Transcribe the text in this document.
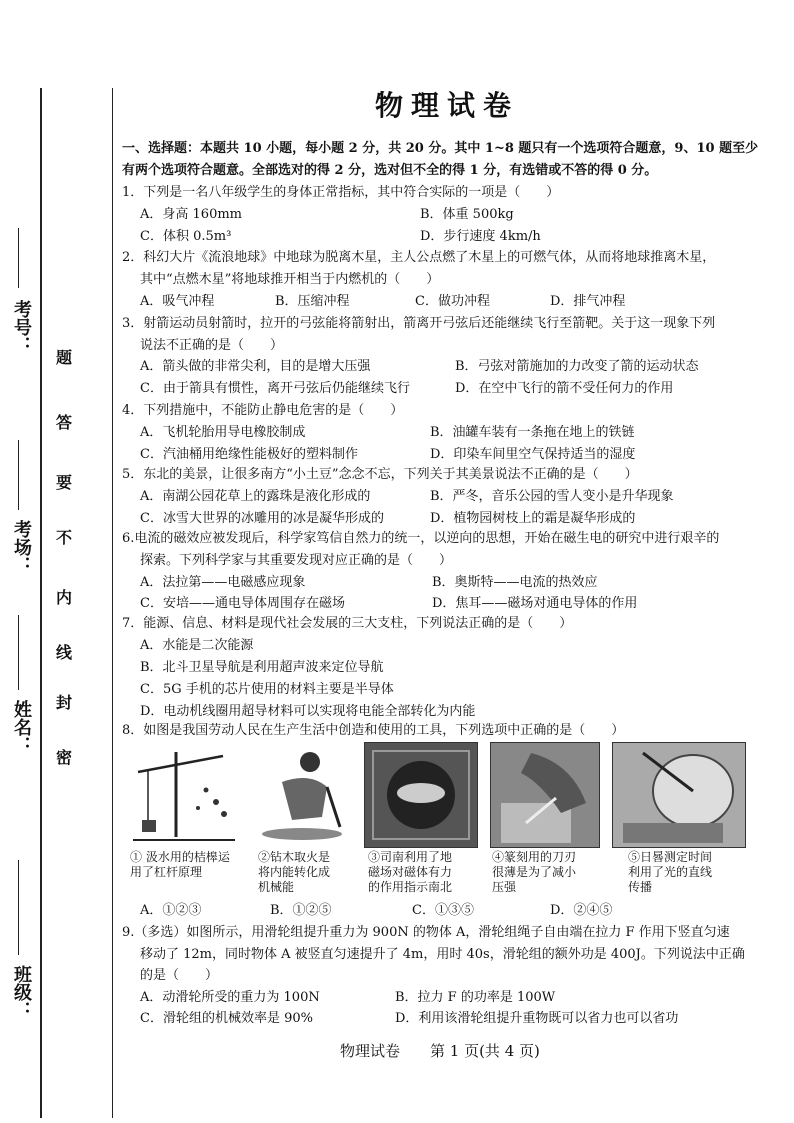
考号：
考场：
姓名：
班级：
题
答
要
不
内
线
封
密
物理试卷
一、选择题：本题共 10 小题，每小题 2 分，共 20 分。其中 1~8 题只有一个选项符合题意，9、10 题至少
有两个选项符合题意。全部选对的得 2 分，选对但不全的得 1 分，有选错或不答的得 0 分。
1．下列是一名八年级学生的身体正常指标，其中符合实际的一项是（　　）
A．身高 160mm	B．体重 500kg
C．体积 0.5m³	D．步行速度 4km/h
2．科幻大片《流浪地球》中地球为脱离木星，主人公点燃了木星上的可燃气体，从而将地球推离木星，
其中“点燃木星”将地球推开相当于内燃机的（　　）
A．吸气冲程	B．压缩冲程	C．做功冲程	D．排气冲程
3．射箭运动员射箭时，拉开的弓弦能将箭射出，箭离开弓弦后还能继续飞行至箭靶。关于这一现象下列
说法不正确的是（　　）
A．箭头做的非常尖利，目的是增大压强	B．弓弦对箭施加的力改变了箭的运动状态
C．由于箭具有惯性，离开弓弦后仍能继续飞行	D．在空中飞行的箭不受任何力的作用
4．下列措施中，不能防止静电危害的是（　　）
A．飞机轮胎用导电橡胶制成	B．油罐车装有一条拖在地上的铁链
C．汽油桶用绝缘性能极好的塑料制作	D．印染车间里空气保持适当的湿度
5．东北的美景，让很多南方“小土豆”念念不忘，下列关于其美景说法不正确的是（　　）
A．南湖公园花草上的露珠是液化形成的	B．严冬，音乐公园的雪人变小是升华现象
C．冰雪大世界的冰雕用的冰是凝华形成的	D．植物园树枝上的霜是凝华形成的
6.电流的磁效应被发现后，科学家笃信自然力的统一，以逆向的思想，开始在磁生电的研究中进行艰辛的
探索。下列科学家与其重要发现对应正确的是（　　）
A．法拉第——电磁感应现象	B．奥斯特——电流的热效应
C．安培——通电导体周围存在磁场	D．焦耳——磁场对通电导体的作用
7．能源、信息、材料是现代社会发展的三大支柱，下列说法正确的是（　　）
A．水能是二次能源
B．北斗卫星导航是利用超声波来定位导航
C．5G 手机的芯片使用的材料主要是半导体
D．电动机线圈用超导材料可以实现将电能全部转化为内能
8．如图是我国劳动人民在生产生活中创造和使用的工具，下列选项中正确的是（　　）
① 汲水用的桔槔运
用了杠杆原理
②钻木取火是
将内能转化成
机械能
③司南利用了地
磁场对磁体有力
的作用指示南北
④篆刻用的刀刃
很薄是为了减小
压强
⑤日晷测定时间
利用了光的直线
传播
A．①②③	B．①②⑤	C．①③⑤	D．②④⑤
9.（多选）如图所示，用滑轮组提升重力为 900N 的物体 A，滑轮组绳子自由端在拉力 F 作用下竖直匀速
移动了 12m，同时物体 A 被竖直匀速提升了 4m，用时 40s，滑轮组的额外功是 400J。下列说法中正确
的是（　　）
A．动滑轮所受的重力为 100N	B．拉力 F 的功率是 100W
C．滑轮组的机械效率是 90%	D．利用该滑轮组提升重物既可以省力也可以省功
物理试卷　　第 1 页(共 4 页)
